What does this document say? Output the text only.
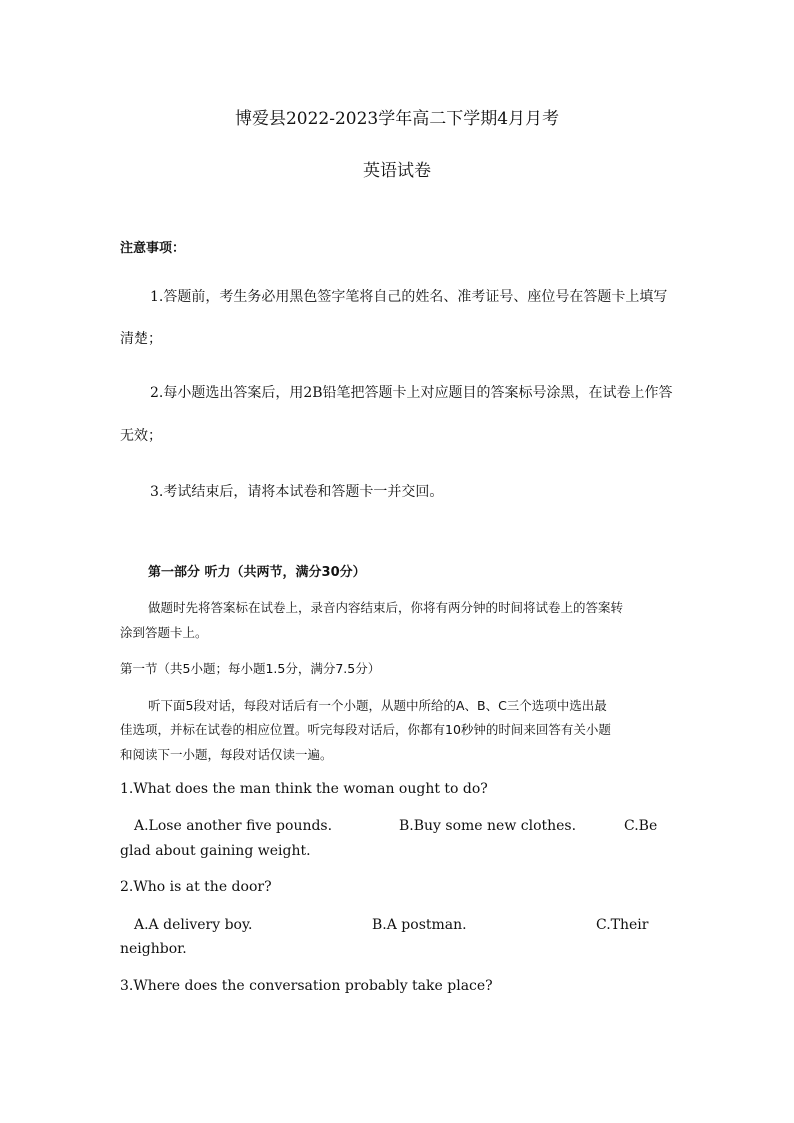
博爱县2022-2023学年高二下学期4月月考
英语试卷
注意事项：
1.答题前，考生务必用黑色签字笔将自己的姓名、准考证号、座位号在答题卡上填写
清楚；
2.每小题选出答案后，用2B铅笔把答题卡上对应题目的答案标号涂黑，在试卷上作答
无效；
3.考试结束后，请将本试卷和答题卡一并交回。
第一部分 听力（共两节，满分30分）
做题时先将答案标在试卷上，录音内容结束后，你将有两分钟的时间将试卷上的答案转
涂到答题卡上。
第一节（共5小题；每小题1.5分，满分7.5分）
听下面5段对话，每段对话后有一个小题，从题中所给的A、B、C三个选项中选出最
佳选项，并标在试卷的相应位置。听完每段对话后，你都有10秒钟的时间来回答有关小题
和阅读下一小题，每段对话仅读一遍。
1.What does the man think the woman ought to do?
A.Lose another five pounds.	B.Buy some new clothes.	C.Be
glad about gaining weight.
2.Who is at the door?
A.A delivery boy.	B.A postman.	C.Their
neighbor.
3.Where does the conversation probably take place?
